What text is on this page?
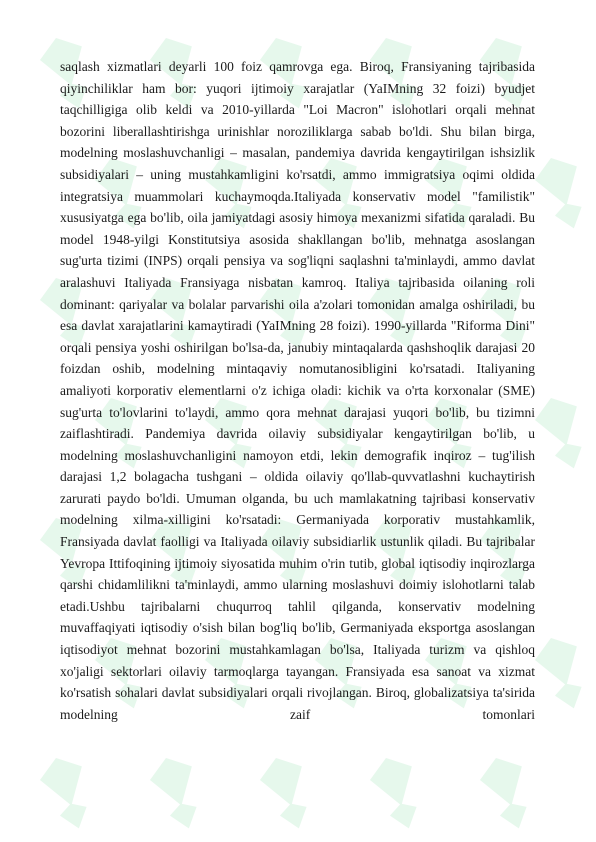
saqlash xizmatlari deyarli 100 foiz qamrovga ega. Biroq, Fransiyaning tajribasida qiyinchiliklar ham bor: yuqori ijtimoiy xarajatlar (YaIMning 32 foizi) byudjet taqchilligiga olib keldi va 2010-yillarda "Loi Macron" islohotlari orqali mehnat bozorini liberallashtirishga urinishlar noroziliklarga sabab bo'ldi. Shu bilan birga, modelning moslashuvchanligi – masalan, pandemiya davrida kengaytirilgan ishsizlik subsidiyalari – uning mustahkamligini ko'rsatdi, ammo immigratsiya oqimi oldida integratsiya muammolari kuchaymoqda.Italiyada konservativ model "familistik" xususiyatga ega bo'lib, oila jamiyatdagi asosiy himoya mexanizmi sifatida qaraladi. Bu model 1948-yilgi Konstitutsiya asosida shakllangan bo'lib, mehnatga asoslangan sug'urta tizimi (INPS) orqali pensiya va sog'liqni saqlashni ta'minlaydi, ammo davlat aralashuvi Italiyada Fransiyaga nisbatan kamroq. Italiya tajribasida oilaning roli dominant: qariyalar va bolalar parvarishi oila a'zolari tomonidan amalga oshiriladi, bu esa davlat xarajatlarini kamaytiradi (YaIMning 28 foizi). 1990-yillarda "Riforma Dini" orqali pensiya yoshi oshirilgan bo'lsa-da, janubiy mintaqalarda qashshoqlik darajasi 20 foizdan oshib, modelning mintaqaviy nomutanosibligini ko'rsatadi. Italiyaning amaliyoti korporativ elementlarni o'z ichiga oladi: kichik va o'rta korxonalar (SME) sug'urta to'lovlarini to'laydi, ammo qora mehnat darajasi yuqori bo'lib, bu tizimni zaiflashtiradi. Pandemiya davrida oilaviy subsidiyalar kengaytirilgan bo'lib, u modelning moslashuvchanligini namoyon etdi, lekin demografik inqiroz – tug'ilish darajasi 1,2 bolagacha tushgani – oldida oilaviy qo'llab-quvvatlashni kuchaytirish zarurati paydo bo'ldi. Umuman olganda, bu uch mamlakatning tajribasi konservativ modelning xilma-xilligini ko'rsatadi: Germaniyada korporativ mustahkamlik, Fransiyada davlat faolligi va Italiyada oilaviy subsidiarlik ustunlik qiladi. Bu tajribalar Yevropa Ittifoqining ijtimoiy siyosatida muhim o'rin tutib, global iqtisodiy inqirozlarga qarshi chidamlilikni ta'minlaydi, ammo ularning moslashuvi doimiy islohotlarni talab etadi.Ushbu tajribalarni chuqurroq tahlil qilganda, konservativ modelning muvaffaqiyati iqtisodiy o'sish bilan bog'liq bo'lib, Germaniyada eksportga asoslangan iqtisodiyot mehnat bozorini mustahkamlagan bo'lsa, Italiyada turizm va qishloq xo'jaligi sektorlari oilaviy tarmoqlarga tayangan. Fransiyada esa sanoat va xizmat ko'rsatish sohalari davlat subsidiyalari orqali rivojlangan. Biroq, globalizatsiya ta'sirida modelning zaif tomonlari
